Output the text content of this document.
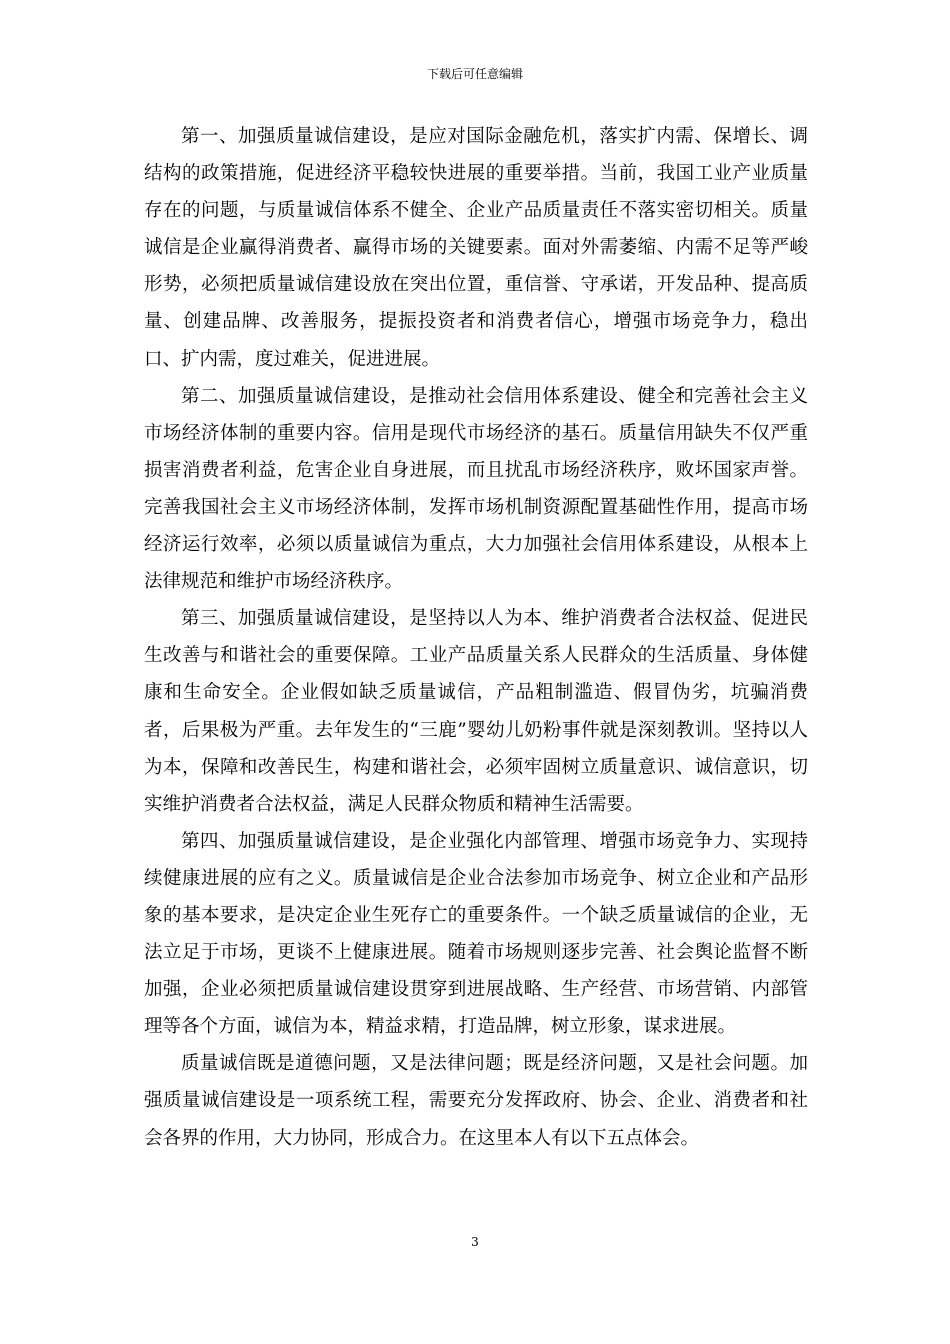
下载后可任意编辑

第一、加强质量诚信建设，是应对国际金融危机，落实扩内需、保增长、调结构的政策措施，促进经济平稳较快进展的重要举措。当前，我国工业产业质量存在的问题，与质量诚信体系不健全、企业产品质量责任不落实密切相关。质量诚信是企业赢得消费者、赢得市场的关键要素。面对外需萎缩、内需不足等严峻形势，必须把质量诚信建设放在突出位置，重信誉、守承诺，开发品种、提高质量、创建品牌、改善服务，提振投资者和消费者信心，增强市场竞争力，稳出口、扩内需，度过难关，促进进展。

第二、加强质量诚信建设，是推动社会信用体系建设、健全和完善社会主义市场经济体制的重要内容。信用是现代市场经济的基石。质量信用缺失不仅严重损害消费者利益，危害企业自身进展，而且扰乱市场经济秩序，败坏国家声誉。完善我国社会主义市场经济体制，发挥市场机制资源配置基础性作用，提高市场经济运行效率，必须以质量诚信为重点，大力加强社会信用体系建设，从根本上法律规范和维护市场经济秩序。

第三、加强质量诚信建设，是坚持以人为本、维护消费者合法权益、促进民生改善与和谐社会的重要保障。工业产品质量关系人民群众的生活质量、身体健康和生命安全。企业假如缺乏质量诚信，产品粗制滥造、假冒伪劣，坑骗消费者，后果极为严重。去年发生的“三鹿”婴幼儿奶粉事件就是深刻教训。坚持以人为本，保障和改善民生，构建和谐社会，必须牢固树立质量意识、诚信意识，切实维护消费者合法权益，满足人民群众物质和精神生活需要。

第四、加强质量诚信建设，是企业强化内部管理、增强市场竞争力、实现持续健康进展的应有之义。质量诚信是企业合法参加市场竞争、树立企业和产品形象的基本要求，是决定企业生死存亡的重要条件。一个缺乏质量诚信的企业，无法立足于市场，更谈不上健康进展。随着市场规则逐步完善、社会舆论监督不断加强，企业必须把质量诚信建设贯穿到进展战略、生产经营、市场营销、内部管理等各个方面，诚信为本，精益求精，打造品牌，树立形象，谋求进展。

质量诚信既是道德问题，又是法律问题；既是经济问题，又是社会问题。加强质量诚信建设是一项系统工程，需要充分发挥政府、协会、企业、消费者和社会各界的作用，大力协同，形成合力。在这里本人有以下五点体会。

3
